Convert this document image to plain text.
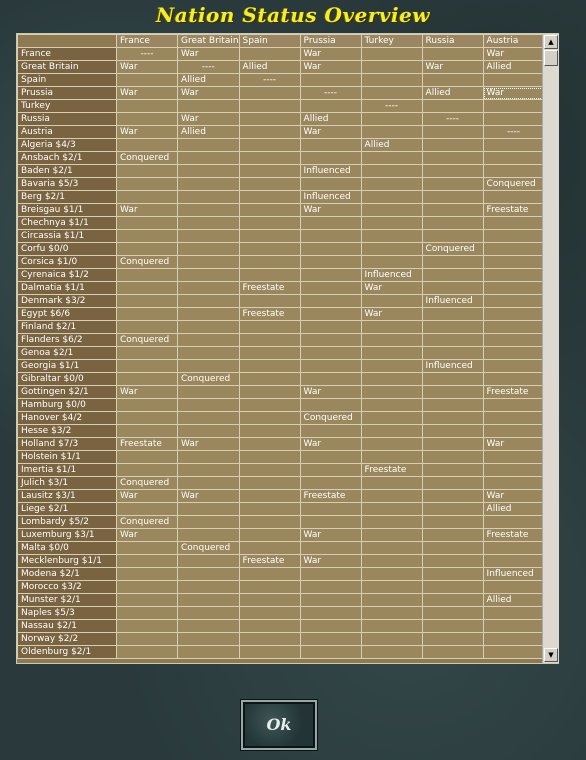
Nation Status Overview
	France	Great Britain	Spain	Prussia	Turkey	Russia	Austria
France	----	War		War			War
Great Britain	War	----	Allied	War		War	Allied
Spain		Allied	----				
Prussia	War	War		----		Allied	War
Turkey					----		
Russia		War		Allied		----	
Austria	War	Allied		War			----
Algeria $4/3					Allied		
Ansbach $2/1	Conquered						
Baden $2/1				Influenced			
Bavaria $5/3							Conquered
Berg $2/1				Influenced			
Breisgau $1/1	War			War			Freestate
Chechnya $1/1							
Circassia $1/1							
Corfu $0/0						Conquered	
Corsica $1/0	Conquered						
Cyrenaica $1/2					Influenced		
Dalmatia $1/1			Freestate		War		
Denmark $3/2						Influenced	
Egypt $6/6			Freestate		War		
Finland $2/1							
Flanders $6/2	Conquered						
Genoa $2/1							
Georgia $1/1						Influenced	
Gibraltar $0/0		Conquered					
Gottingen $2/1	War			War			Freestate
Hamburg $0/0							
Hanover $4/2				Conquered			
Hesse $3/2							
Holland $7/3	Freestate	War		War			War
Holstein $1/1							
Imertia $1/1					Freestate		
Julich $3/1	Conquered						
Lausitz $3/1	War	War		Freestate			War
Liege $2/1							Allied
Lombardy $5/2	Conquered						
Luxemburg $3/1	War			War			Freestate
Malta $0/0		Conquered					
Mecklenburg $1/1			Freestate	War			
Modena $2/1							Influenced
Morocco $3/2							
Munster $2/1							Allied
Naples $5/3							
Nassau $2/1							
Norway $2/2							
Oldenburg $2/1							
▲
▼
Ok
